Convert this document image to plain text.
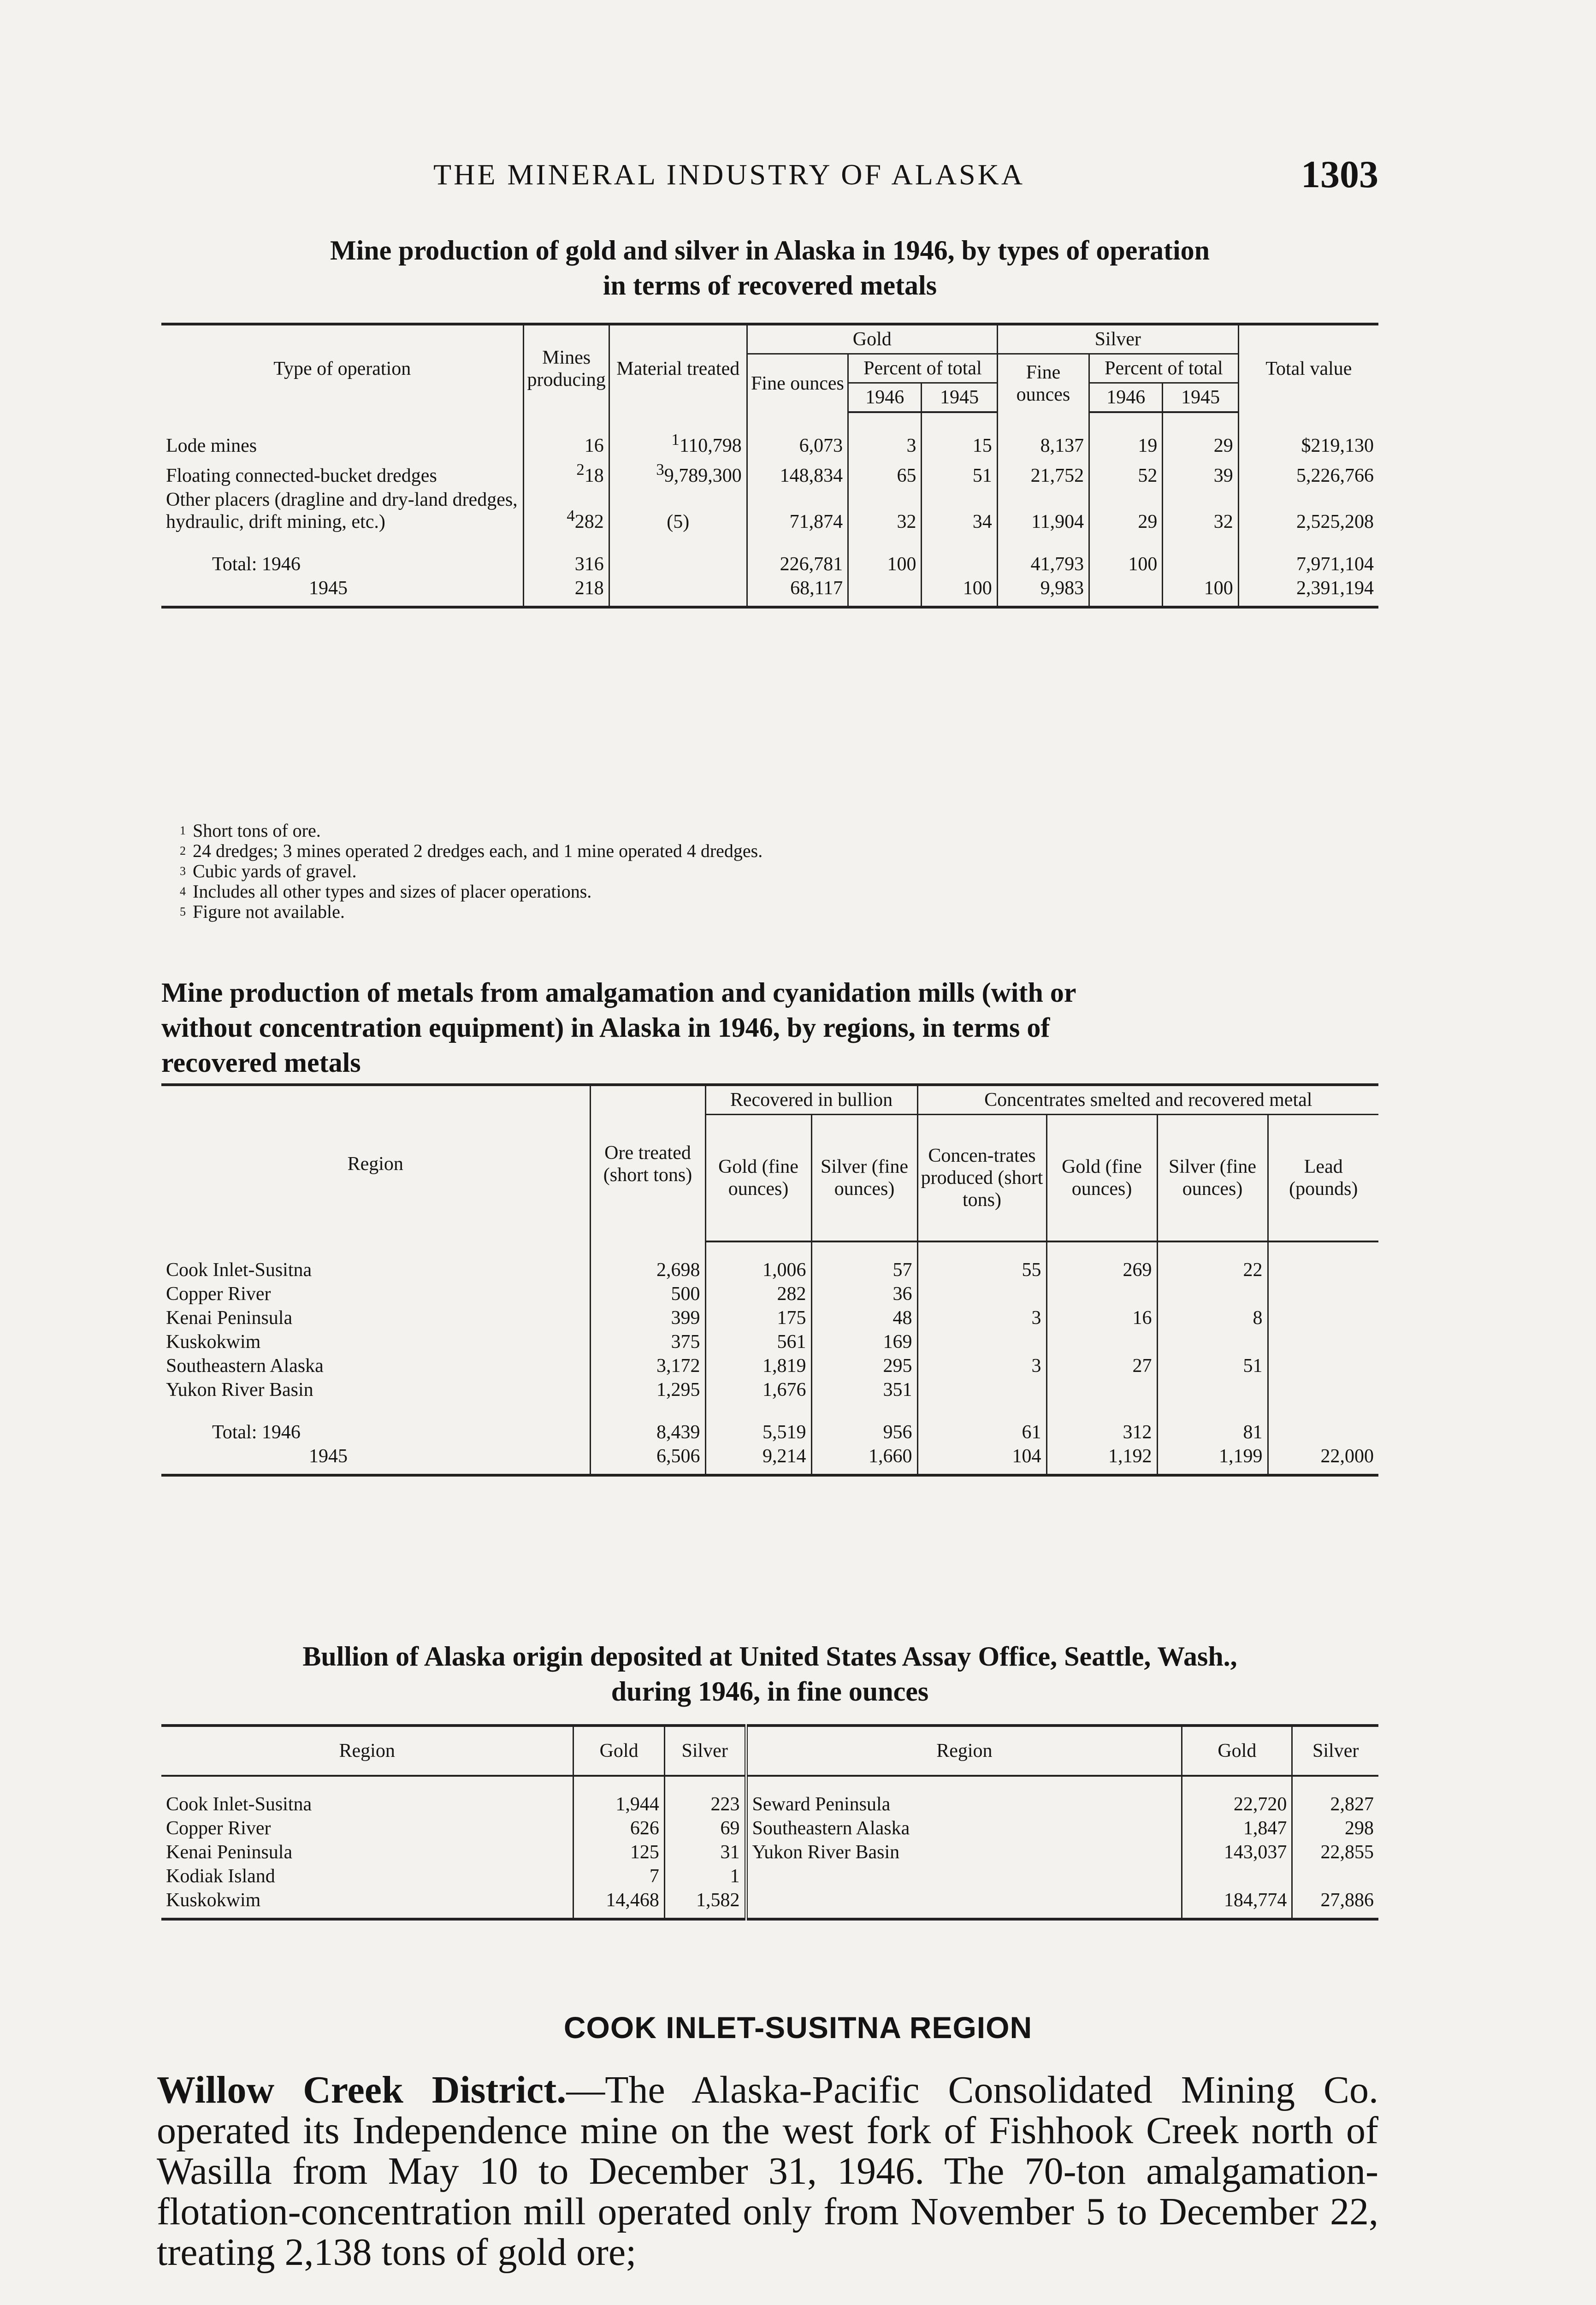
THE MINERAL INDUSTRY OF ALASKA	1303
Mine production of gold and silver in Alaska in 1946, by types of operation
in terms of recovered metals
Type of operation	Mines producing	Material treated	Gold			Silver			Total value
			Fine ounces	Percent of total		Fine ounces	Percent of total		
				1946	1945		1946	1945	
Lode mines	16	$^1$110,798	6,073	3	15	8,137	19	29	$219,130
Floating connected-bucket dredges	$^2$18	$^3$9,789,300	148,834	65	51	21,752	52	39	5,226,766
Other placers (dragline and dry-land dredges, hydraulic, drift mining, etc.)	$^4$282	(5)	71,874	32	34	11,904	29	32	2,525,208
Total: 1946	316		226,781	100		41,793	100		7,971,104
1945	218		68,117		100	9,983		100	2,391,194
1 Short tons of ore.
2 24 dredges; 3 mines operated 2 dredges each, and 1 mine operated 4 dredges.
3 Cubic yards of gravel.
4 Includes all other types and sizes of placer operations.
5 Figure not available.
Mine production of metals from amalgamation and cyanidation mills (with or
without concentration equipment) in Alaska in 1946, by regions, in terms of
recovered metals
Region	Ore treated (short tons)	Recovered in bullion		Concentrates smelted and recovered metal			
		Gold (fine ounces)	Silver (fine ounces)	Concen-trates produced (short tons)	Gold (fine ounces)	Silver (fine ounces)	Lead (pounds)
Cook Inlet-Susitna	2,698	1,006	57	55	269	22	
Copper River	500	282	36				
Kenai Peninsula	399	175	48	3	16	8	
Kuskokwim	375	561	169				
Southeastern Alaska	3,172	1,819	295	3	27	51	
Yukon River Basin	1,295	1,676	351				
Total: 1946	8,439	5,519	956	61	312	81	
1945	6,506	9,214	1,660	104	1,192	1,199	22,000
Bullion of Alaska origin deposited at United States Assay Office, Seattle, Wash.,
during 1946, in fine ounces
Region	Gold	Silver	Region	Gold	Silver
Cook Inlet-Susitna	1,944	223	Seward Peninsula	22,720	2,827
Copper River	626	69	Southeastern Alaska	1,847	298
Kenai Peninsula	125	31	Yukon River Basin	143,037	22,855
Kodiak Island	7	1			
Kuskokwim	14,468	1,582		184,774	27,886
COOK INLET-SUSITNA REGION
Willow Creek District.—The Alaska-Pacific Consolidated Mining Co. operated its Independence mine on the west fork of Fishhook Creek north of Wasilla from May 10 to December 31, 1946. The 70-ton amalgamation-flotation-concentration mill operated only from November 5 to December 22, treating 2,138 tons of gold ore;
